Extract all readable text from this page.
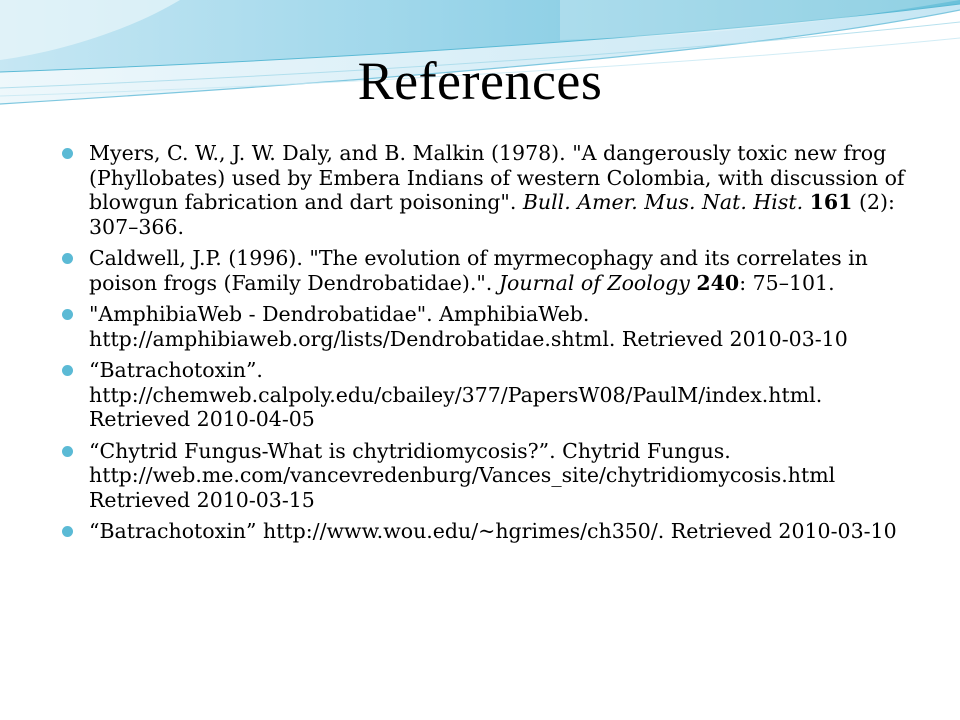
References
Myers, C. W., J. W. Daly, and B. Malkin (1978). "A dangerously toxic new frog (Phyllobates) used by Embera Indians of western Colombia, with discussion of blowgun fabrication and dart poisoning". Bull. Amer. Mus. Nat. Hist. 161 (2): 307–366.
Caldwell, J.P. (1996). "The evolution of myrmecophagy and its correlates in poison frogs (Family Dendrobatidae).". Journal of Zoology 240: 75–101.
"AmphibiaWeb - Dendrobatidae". AmphibiaWeb. http://amphibiaweb.org/lists/Dendrobatidae.shtml. Retrieved 2010-03-10
“Batrachotoxin”. http://chemweb.calpoly.edu/cbailey/377/PapersW08/PaulM/index.html. Retrieved 2010-04-05
“Chytrid Fungus-What is chytridiomycosis?”. Chytrid Fungus. http://web.me.com/vancevredenburg/Vances_site/chytridiomycosis.html Retrieved 2010-03-15
“Batrachotoxin” http://www.wou.edu/~hgrimes/ch350/. Retrieved 2010-03-10
